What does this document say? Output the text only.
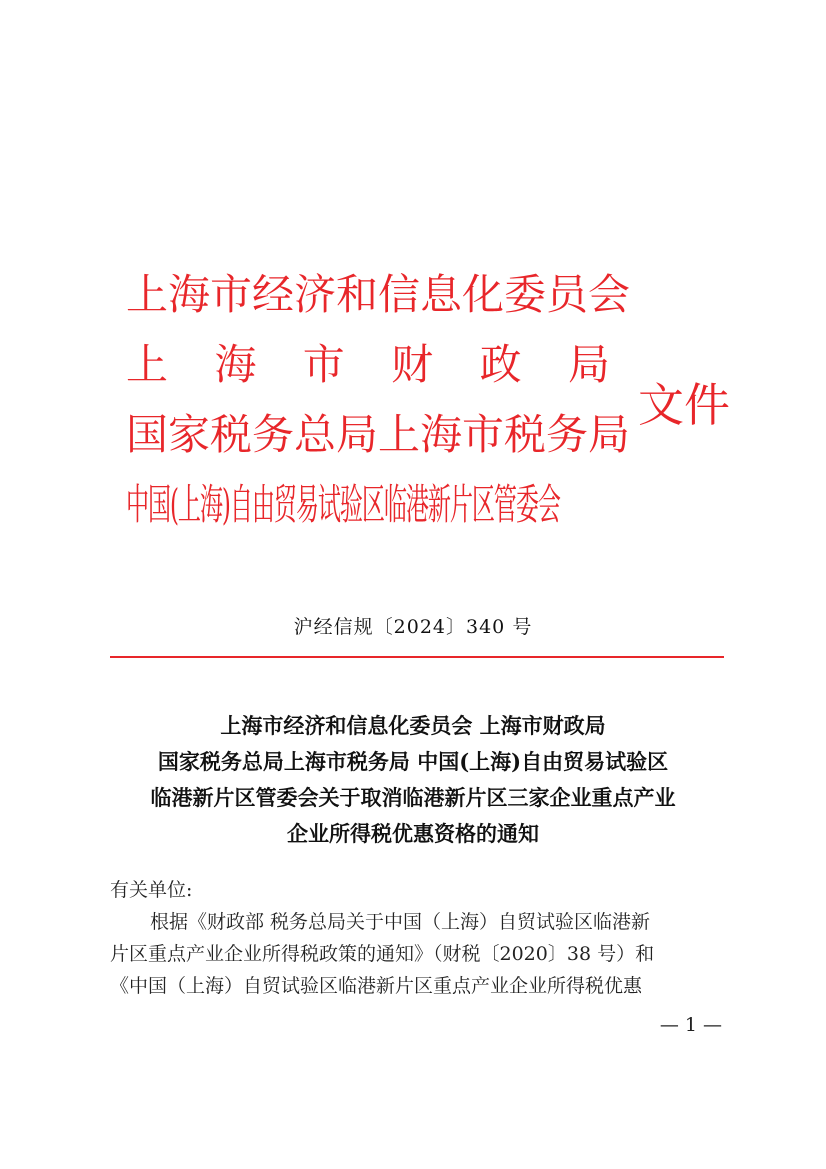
上海市经济和信息化委员会
上 海 市 财 政 局
国家税务总局上海市税务局
中国(上海)自由贸易试验区临港新片区管委会
文件
沪经信规〔2024〕340 号
上海市经济和信息化委员会 上海市财政局
国家税务总局上海市税务局 中国(上海)自由贸易试验区
临港新片区管委会关于取消临港新片区三家企业重点产业
企业所得税优惠资格的通知
有关单位:
根据《财政部 税务总局关于中国（上海）自贸试验区临港新
片区重点产业企业所得税政策的通知》（财税〔2020〕38 号）和
《中国（上海）自贸试验区临港新片区重点产业企业所得税优惠
— 1 —
